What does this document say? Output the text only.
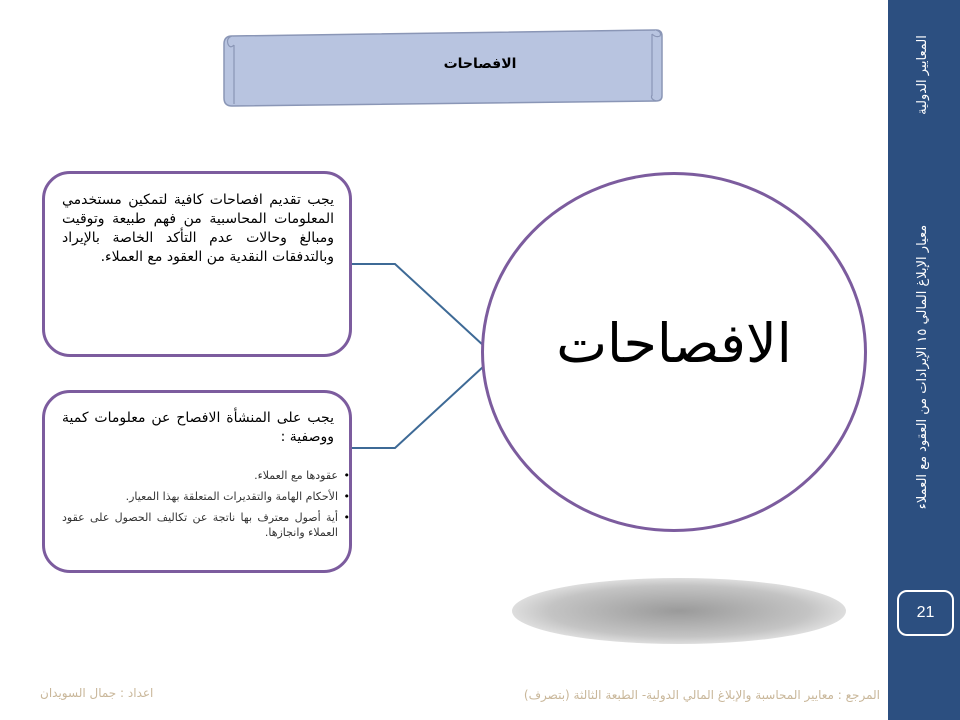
المعايير الدولية
معيار الإبلاغ المالي ١٥ الإيرادات من العقود مع العملاء
21
الافصاحات
يجب تقديم افصاحات كافية لتمكين مستخدمي المعلومات المحاسبية من فهم طبيعة وتوقيت ومبالغ وحالات عدم التأكد الخاصة بالإيراد وبالتدفقات النقدية من العقود مع العملاء.
يجب على المنشأة الافصاح عن معلومات كمية ووصفية :
• عقودها مع العملاء.
• الأحكام الهامة والتقديرات المتعلقة بهذا المعيار.
• أية أصول معترف بها ناتجة عن تكاليف الحصول على عقود العملاء وانجازها.
الافصاحات
اعداد : جمال السويدان	المرجع : معايير المحاسبة والإبلاغ المالي الدولية- الطبعة الثالثة (بتصرف)
